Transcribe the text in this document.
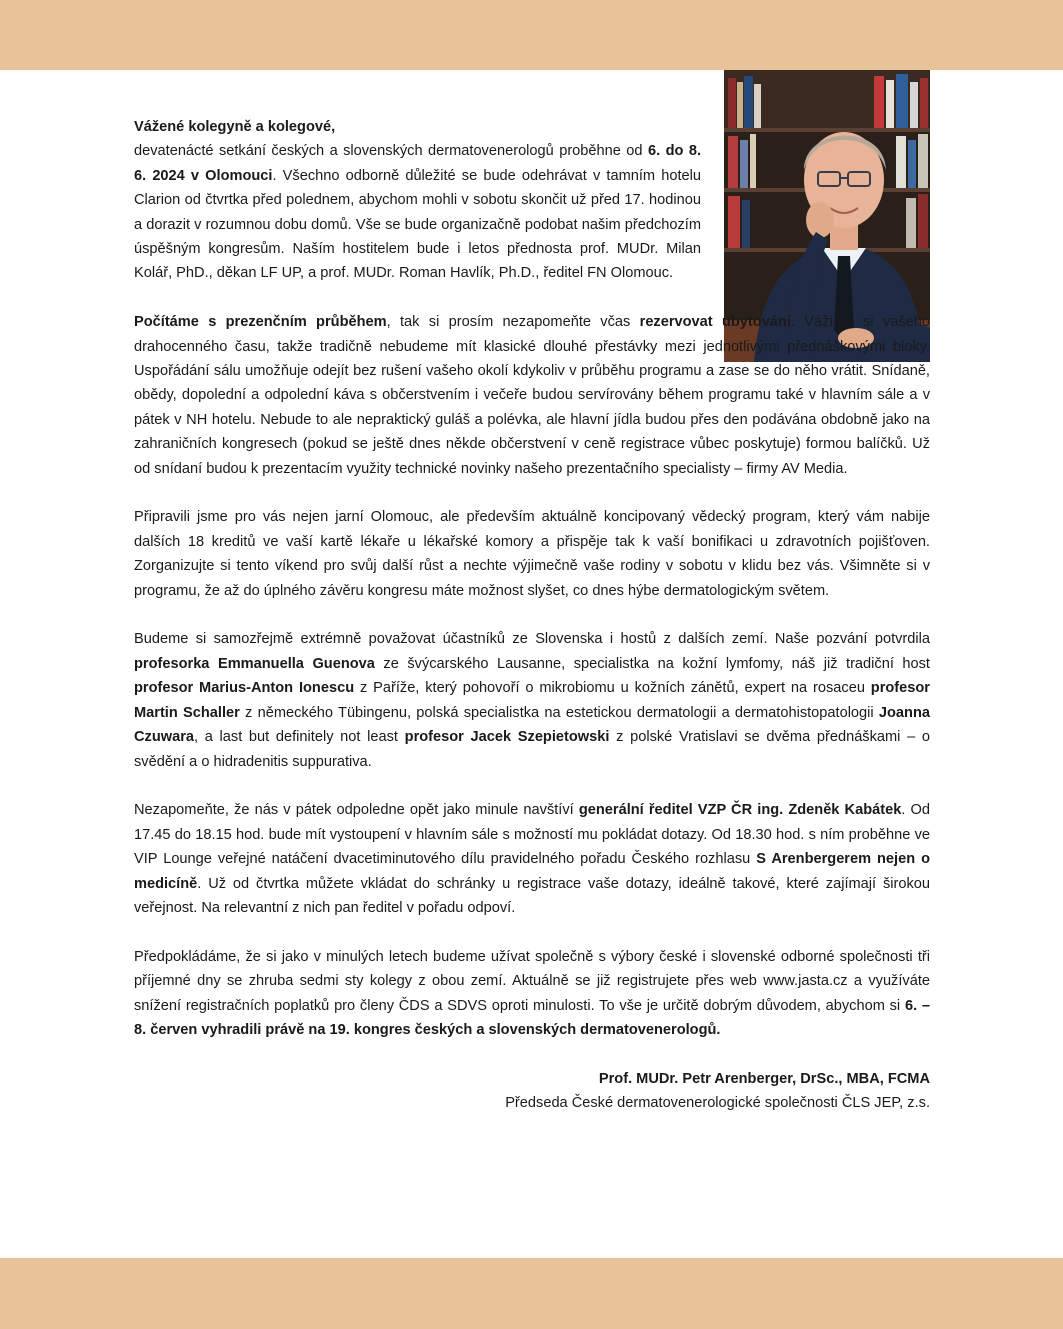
Vážené kolegyně a kolegové,
devatenácté setkání českých a slovenských dermatovenerologů proběhne od 6. do 8. 6. 2024 v Olomouci. Všechno odborně důležité se bude odehrávat v tamním hotelu Clarion od čtvrtka před polednem, abychom mohli v sobotu skončit už před 17. hodinou a dorazit v rozumnou dobu domů. Vše se bude organizačně podobat našim předchozím úspěšným kongresům. Naším hostitelem bude i letos přednosta prof. MUDr. Milan Kolář, PhD., děkan LF UP, a prof. MUDr. Roman Havlík, Ph.D., ředitel FN Olomouc.
Počítáme s prezenčním průběhem, tak si prosím nezapomeňte včas rezervovat ubytování. Vážíme si vašeho drahocenného času, takže tradičně nebudeme mít klasické dlouhé přestávky mezi jednotlivými přednáškovými bloky. Uspořádání sálu umožňuje odejít bez rušení vašeho okolí kdykoliv v průběhu programu a zase se do něho vrátit. Snídaně, obědy, dopolední a odpolední káva s občerstvením i večeře budou servírovány během programu také v hlavním sále a v pátek v NH hotelu. Nebude to ale nepraktický guláš a polévka, ale hlavní jídla budou přes den podávána obdobně jako na zahraničních kongresech (pokud se ještě dnes někde občerstvení v ceně registrace vůbec poskytuje) formou balíčků. Už od snídaní budou k prezentacím využity technické novinky našeho prezentačního specialisty – firmy AV Media.
Připravili jsme pro vás nejen jarní Olomouc, ale především aktuálně koncipovaný vědecký program, který vám nabije dalších 18 kreditů ve vaší kartě lékaře u lékařské komory a přispěje tak k vaší bonifikaci u zdravotních pojišťoven. Zorganizujte si tento víkend pro svůj další růst a nechte výjimečně vaše rodiny v sobotu v klidu bez vás. Všimněte si v programu, že až do úplného závěru kongresu máte možnost slyšet, co dnes hýbe dermatologickým světem.
Budeme si samozřejmě extrémně považovat účastníků ze Slovenska i hostů z dalších zemí. Naše pozvání potvrdila profesorka Emmanuella Guenova ze švýcarského Lausanne, specialistka na kožní lymfomy, náš již tradiční host profesor Marius-Anton Ionescu z Paříže, který pohovoří o mikrobiomu u kožních zánětů, expert na rosaceu profesor Martin Schaller z německého Tübingenu, polská specialistka na estetickou dermatologii a dermatohistopatologii Joanna Czuwara, a last but definitely not least profesor Jacek Szepietowski z polské Vratislavi se dvěma přednáškami – o svědění a o hidradenitis suppurativa.
Nezapomeňte, že nás v pátek odpoledne opět jako minule navštíví generální ředitel VZP ČR ing. Zdeněk Kabátek. Od 17.45 do 18.15 hod. bude mít vystoupení v hlavním sále s možností mu pokládat dotazy. Od 18.30 hod. s ním proběhne ve VIP Lounge veřejné natáčení dvacetiminutového dílu pravidelného pořadu Českého rozhlasu S Arenbergerem nejen o medicíně. Už od čtvrtka můžete vkládat do schránky u registrace vaše dotazy, ideálně takové, které zajímají širokou veřejnost. Na relevantní z nich pan ředitel v pořadu odpoví.
Předpokládáme, že si jako v minulých letech budeme užívat společně s výbory české i slovenské odborné společnosti tři příjemné dny se zhruba sedmi sty kolegy z obou zemí. Aktuálně se již registrujete přes web www.jasta.cz a využíváte snížení registračních poplatků pro členy ČDS a SDVS oproti minulosti. To vše je určitě dobrým důvodem, abychom si 6. – 8. červen vyhradili právě na 19. kongres českých a slovenských dermatovenerologů.
Prof. MUDr. Petr Arenberger, DrSc., MBA, FCMA
Předseda České dermatovenerologické společnosti ČLS JEP, z.s.
